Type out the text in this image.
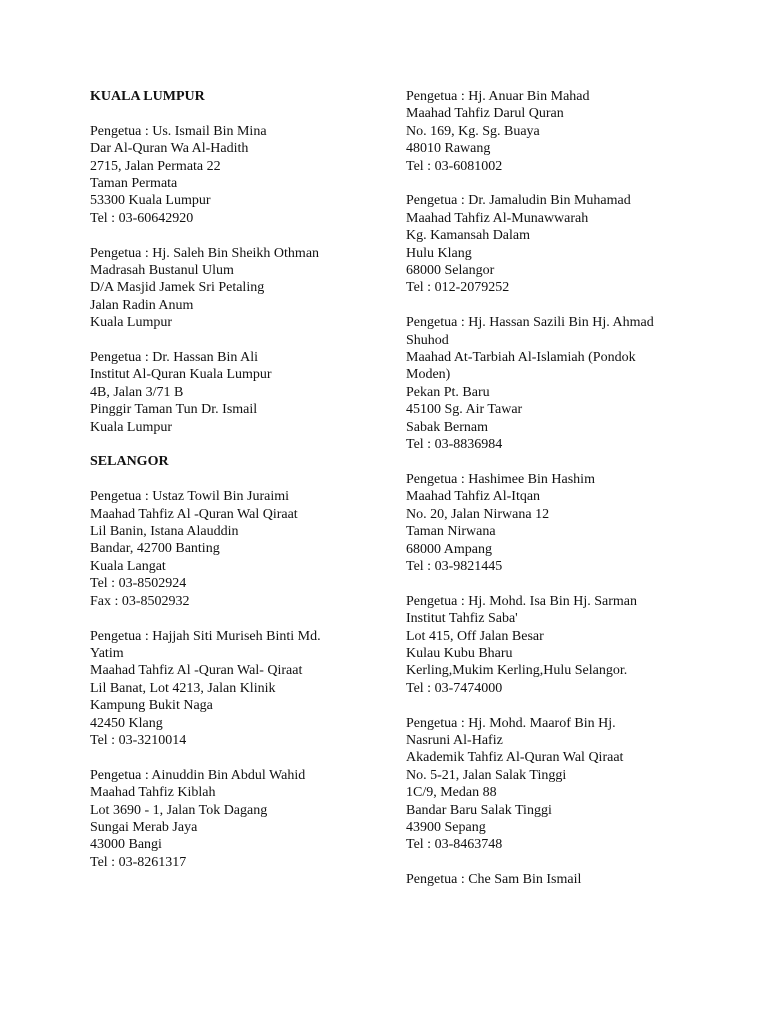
KUALA LUMPUR
Pengetua : Us. Ismail Bin Mina
Dar Al-Quran Wa Al-Hadith
2715, Jalan Permata 22
Taman Permata
53300 Kuala Lumpur
Tel : 03-60642920
Pengetua : Hj. Saleh Bin Sheikh Othman
Madrasah Bustanul Ulum
D/A Masjid Jamek Sri Petaling
Jalan Radin Anum
Kuala Lumpur
Pengetua : Dr. Hassan Bin Ali
Institut Al-Quran Kuala Lumpur
4B, Jalan 3/71 B
Pinggir Taman Tun Dr. Ismail
Kuala Lumpur
SELANGOR
Pengetua : Ustaz Towil Bin Juraimi
Maahad Tahfiz Al -Quran Wal Qiraat
Lil Banin, Istana Alauddin
Bandar, 42700 Banting
Kuala Langat
Tel : 03-8502924
Fax : 03-8502932
Pengetua : Hajjah Siti Muriseh Binti Md.
Yatim
Maahad Tahfiz Al -Quran Wal- Qiraat
Lil Banat, Lot 4213, Jalan Klinik
Kampung Bukit Naga
42450 Klang
Tel : 03-3210014
Pengetua : Ainuddin Bin Abdul Wahid
Maahad Tahfiz Kiblah
Lot 3690 - 1, Jalan Tok Dagang
Sungai Merab Jaya
43000 Bangi
Tel : 03-8261317
Pengetua : Hj. Anuar Bin Mahad
Maahad Tahfiz Darul Quran
No. 169, Kg. Sg. Buaya
48010 Rawang
Tel : 03-6081002
Pengetua : Dr. Jamaludin Bin Muhamad
Maahad Tahfiz Al-Munawwarah
Kg. Kamansah Dalam
Hulu Klang
68000 Selangor
Tel : 012-2079252
Pengetua : Hj. Hassan Sazili Bin Hj. Ahmad
Shuhod
Maahad At-Tarbiah Al-Islamiah (Pondok
Moden)
Pekan Pt. Baru
45100 Sg. Air Tawar
Sabak Bernam
Tel : 03-8836984
Pengetua : Hashimee Bin Hashim
Maahad Tahfiz Al-Itqan
No. 20, Jalan Nirwana 12
Taman Nirwana
68000 Ampang
Tel : 03-9821445
Pengetua : Hj. Mohd. Isa Bin Hj. Sarman
Institut Tahfiz Saba'
Lot 415, Off Jalan Besar
Kulau Kubu Bharu
Kerling,Mukim Kerling,Hulu Selangor.
Tel : 03-7474000
Pengetua : Hj. Mohd. Maarof Bin Hj.
Nasruni Al-Hafiz
Akademik Tahfiz Al-Quran Wal Qiraat
No. 5-21, Jalan Salak Tinggi
1C/9, Medan 88
Bandar Baru Salak Tinggi
43900 Sepang
Tel : 03-8463748
Pengetua : Che Sam Bin Ismail
